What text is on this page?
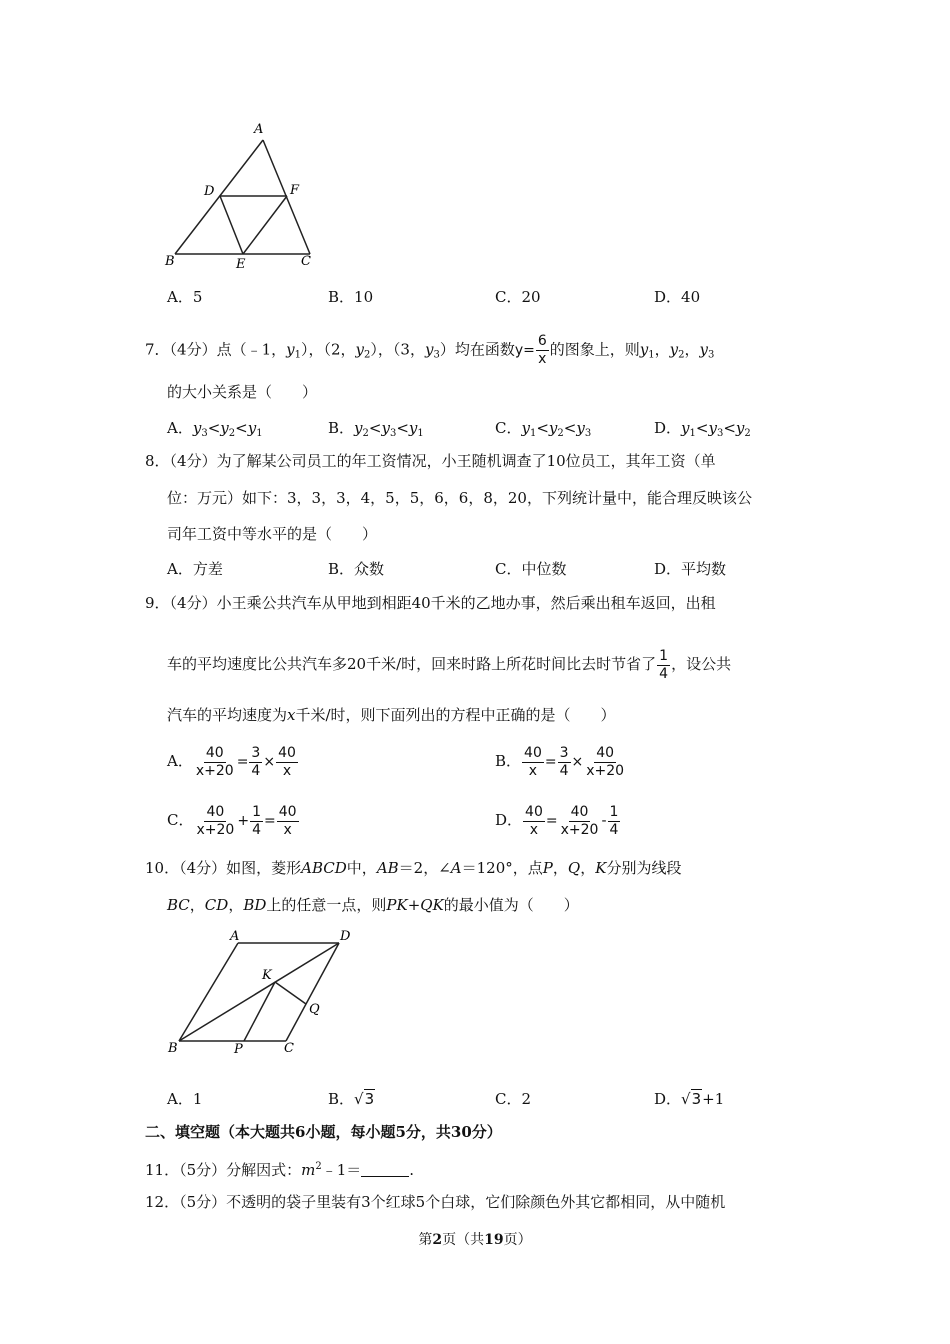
A
B	C
D
E
F
A．5	B．10	C．20	D．40
7．（4分）点（﹣1，$y_1$），（2，$y_2$），（3，$y_3$）均在函数$y= \frac{6}{x}$ 的图象上，则$y_1$，$y_2$，$y_3$
的大小关系是（　　）
A．$y_3<y_2<y_1$	B．$y_2<y_3<y_1$	C．$y_1<y_2<y_3$	D．$y_1<y_3<y_2$
8．（4分）为了解某公司员工的年工资情况，小王随机调查了10位员工，其年工资（单
位：万元）如下：3，3，3，4，5，5，6，6，8，20，下列统计量中，能合理反映该公
司年工资中等水平的是（　　）
A．方差	B．众数	C．中位数	D．平均数
9．（4分）小王乘公共汽车从甲地到相距40千米的乙地办事，然后乘出租车返回，出租
车的平均速度比公共汽车多20千米/时，回来时路上所花时间比去时节省了 $\frac{1}{4}$ ，设公共
汽车的平均速度为x千米/时，则下面列出的方程中正确的是（　　）
A． $\frac{40}{x+20} = \frac{3}{4} \times \frac{40}{x}$	B． $\frac{40}{x} = \frac{3}{4} \times \frac{40}{x+20}$
C． $\frac{40}{x+20} + \frac{1}{4} = \frac{40}{x}$	D． $\frac{40}{x} = \frac{40}{x+20} - \frac{1}{4}$
10．（4分）如图，菱形ABCD中，AB＝2，∠A＝120°，点P，Q，K分别为线段
BC，CD，BD上的任意一点，则PK+QK的最小值为（　　）
A	D
K
Q
B	P	C
A．1	B．√3	C．2	D．√3+1
二、填空题（本大题共6小题，每小题5分，共30分）
11．（5分）分解因式：$m^2﹣1=$	.
12．（5分）不透明的袋子里装有3个红球5个白球，它们除颜色外其它都相同，从中随机
第2页（共19页）
